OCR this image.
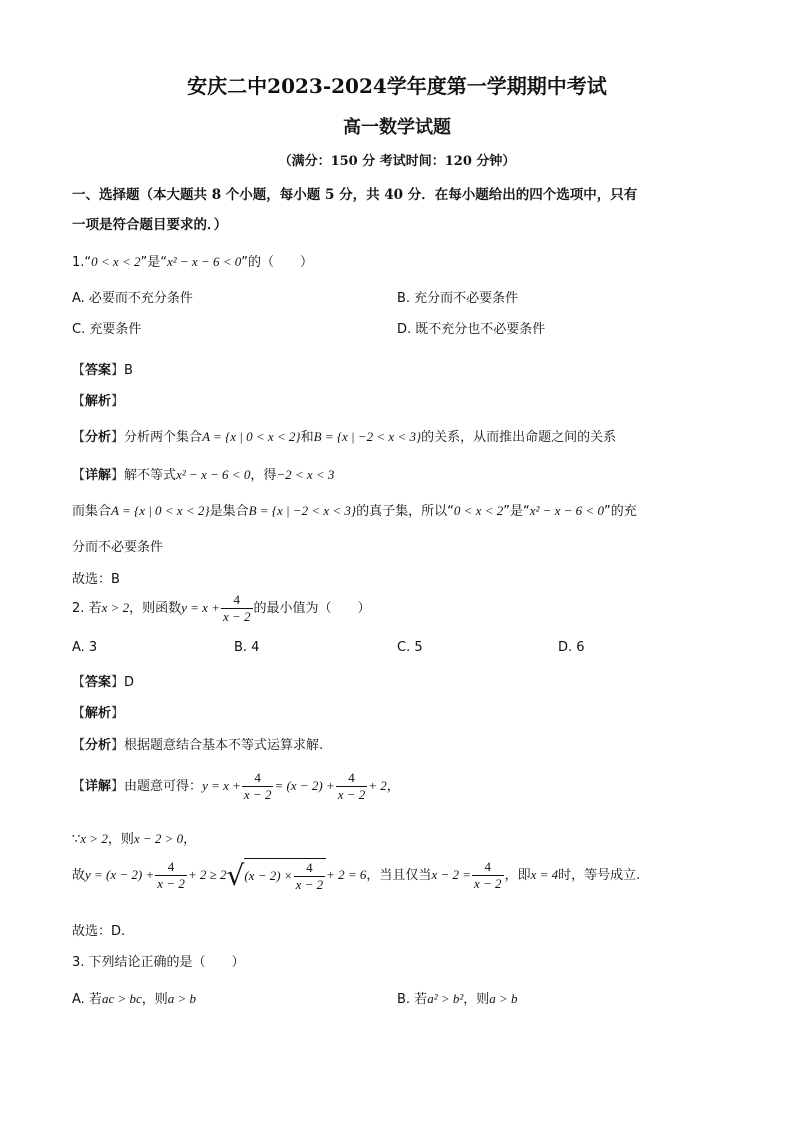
安庆二中2023-2024学年度第一学期期中考试
高一数学试题
（满分：150 分 考试时间：120 分钟）
一、选择题（本大题共 8 个小题，每小题 5 分，共 40 分．在每小题给出的四个选项中，只有
一项是符合题目要求的．）
1.“0 < x < 2”是“x² − x − 6 < 0”的（　　）
A. 必要而不充分条件	B. 充分而不必要条件
C. 充要条件	D. 既不充分也不必要条件
【答案】B
【解析】
【分析】分析两个集合A = {x | 0 < x < 2}和B = {x | −2 < x < 3}的关系，从而推出命题之间的关系
【详解】解不等式x² − x − 6 < 0，得−2 < x < 3
而集合A = {x | 0 < x < 2}是集合B = {x | −2 < x < 3}的真子集，所以“0 < x < 2”是“x² − x − 6 < 0”的充
分而不必要条件
故选：B
2. 若x > 2，则函数$y = x + \frac{4}{x - 2}$ 的最小值为（　　）
A. 3	B. 4	C. 5	D. 6
【答案】D
【解析】
【分析】根据题意结合基本不等式运算求解.
【详解】由题意可得：$y = x + \frac{4}{x - 2} = (x - 2) + \frac{4}{x - 2} + 2$，
∵x > 2，则x − 2 > 0，
故$y = (x - 2) + \frac{4}{x - 2} + 2 \ge 2√(x - 2) \times \frac{4}{x - 2} + 2 = 6$，当且仅当$x - 2 = \frac{4}{x - 2}$ ，即x = 4时，等号成立.
故选：D.
3. 下列结论正确的是（　　）
A. 若ac > bc，则a > b	B. 若a² > b²，则a > b
